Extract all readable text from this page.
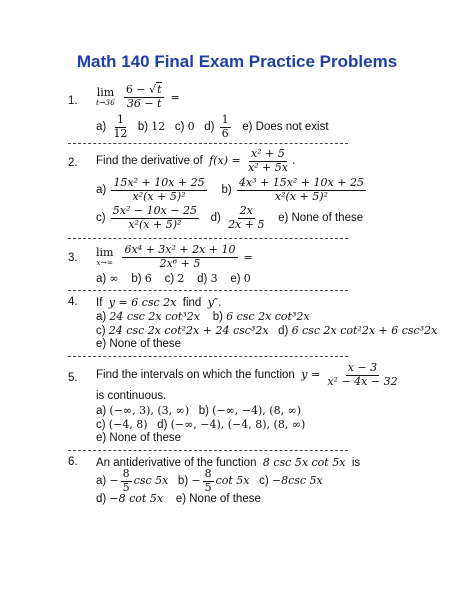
Math 140 Final Exam Practice Problems
1.
lim
t→36
$\frac{6 - √t}{36 - t}$ =
$a) \frac{1}{12} b$) 12 c) 0 $d) \frac{1}{6} e$) Does not exist
2. Find the derivative of $f(x) = \frac{\text{x² + 5}}{\text{x² + 5x}}$ .
$a) \frac{\text{15x² + 10x + 25}}{\text{x²(x + 5)²}} b) \frac{\text{4x³ + 15x² + 10x + 25}}{\text{x²(x + 5)²}}$
$c) \frac{\text{5x² − 10x − 25}}{\text{x²(x + 5)²}} d) \frac{2x}{2x + 5} e$) None of these
3. lim
x→∞
$\frac{\text{6x⁴ + 3x² + 2x + 10}}{\text{2x⁶ + 5}}$ =
a) ∞ b) 6 c) 2 d) 3 e) 0
4. If y = 6 csc 2x find y″.
a) 24 csc 2x cot³2x b) 6 csc 2x cot³2x
c) 24 csc 2x cot²2x + 24 csc³2x d) 6 csc 2x cot²2x + 6 csc³2x
e) None of these
5. Find the intervals on which the function $y = \frac{x - 3}{\text{x² − 4x − 32}}$
is continuous.
a) (−∞, 3), (3, ∞) b) (−∞, −4), (8, ∞)
c) (−4, 8) d) (−∞, −4), (−4, 8), (8, ∞)
e) None of these
6. An antiderivative of the function 8 csc 5x cot 5x is
$a) - \frac{8}{5}$ csc 5x $b) - \frac{8}{5}$ cot 5x c) −8csc 5x
d) −8 cot 5x e) None of these
